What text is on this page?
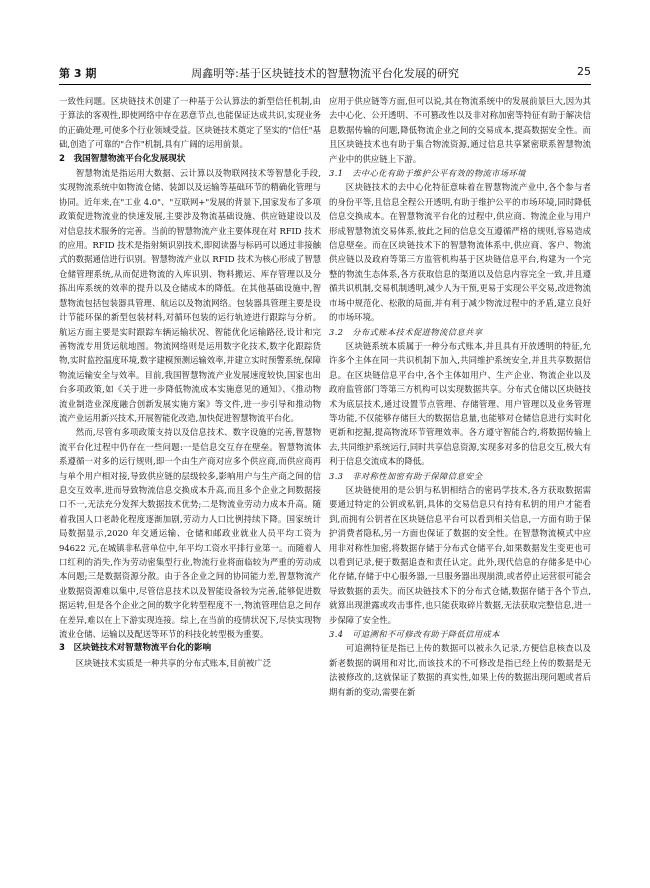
第 3 期	周鑫明等:基于区块链技术的智慧物流平台化发展的研究	25

一致性问题。区块链技术创建了一种基于公认算法的新型信任机制,由于算法的客观性,即使网络中存在恶意节点,也能保证达成共识,实现业务的正确处理,可使多个行业领域受益。区块链技术奠定了坚实的"信任"基础,创造了可靠的"合作"机制,具有广阔的运用前景。

2　我国智慧物流平台化发展现状

智慧物流是指运用大数据、云计算以及物联网技术等智慧化手段,实现物流系统中如物流仓储、装卸以及运输等基础环节的精确化管理与协同。近年来,在"工业 4.0"、"互联网+"发展的背景下,国家发布了多项政策促进物流业的快速发展,主要涉及物流基础设施、供应链建设以及对信息技术服务的完善。当前的智慧物流产业主要体现在对 RFID 技术的应用。RFID 技术是指射频识别技术,即阅读器与标码可以通过非接触式的数据通信进行识别。智慧物流产业以 RFID 技术为核心形成了智慧仓储管理系统,从而促进物流的入库识别、物料搬运、库存管理以及分拣出库系统的效率的提升以及仓储成本的降低。在其他基础设施中,智慧物流包括包装器具管理、航运以及物流网络。包装器具管理主要是设计节能环保的新型包装材料,对循环包装的运行轨迹进行跟踪与分析。航运方面主要是实时跟踪车辆运输状况、智能优化运输路径,设计和完善物流专用货运航地图。物流网络则是运用数字化技术,数字化跟踪货物,实时监控温度环境,数字建模预测运输效率,并建立实时预警系统,保障物流运输安全与效率。目前,我国智慧物流产业发展速度较快,国家也出台多项政策,如《关于进一步降低物流成本实施意见的通知》、《推动物流业制造业深度融合创新发展实施方案》等文件,进一步引导和推动物流产业运用新兴技术,开展智能化改造,加快促进智慧物流平台化。

然而,尽管有多项政策支持以及信息技术、数字设施的完善,智慧物流平台化过程中仍存在一些问题:一是信息交互存在壁垒。智慧物流体系遵循一对多的运行规则,即一个由生产商对应多个供应商,而供应商再与单个用户相对接,导致供应链的层级较多,影响用户与生产商之间的信息交互效率,进而导致物流信息交换成本升高,而且多个企业之间数据接口不一,无法充分发挥大数据技术优势;二是物流业劳动力成本升高。随着我国人口老龄化程度逐渐加剧,劳动力人口比例持续下降。国家统计局数据显示,2020 年交通运输、仓储和邮政业就业人员平均工资为 94622 元,在城镇非私营单位中,年平均工资水平排行业第一。而随着人口红利的消失,作为劳动密集型行业,物流行业将面临较为严重的劳动成本问题;三是数据资源分散。由于各企业之间的协同能力差,智慧物流产业数据资源难以集中,尽管信息技术以及智能设备较为完善,能够促进数据运转,但是各个企业之间的数字化转型程度不一,物流管理信息之间存在差异,难以在上下游实现连接。综上,在当前的疫情状况下,尽快实现物流业仓储、运输以及配送等环节的科技化转型极为重要。

3　区块链技术对智慧物流平台化的影响

区块链技术实质是一种共享的分布式账本,目前被广泛

应用于供应链等方面,但可以说,其在物流系统中的发展前景巨大,因为其去中心化、公开透明、不可篡改性以及非对称加密等特征有助于解决信息数据传输的问题,降低物流企业之间的交易成本,提高数据安全性。而且区块链技术也有助于集合物流资源,通过信息共享紧密联系智慧物流产业中的供应链上下游。

3.1　去中心化有助于维护公平有效的物流市场环境

区块链技术的去中心化特征意味着在智慧物流产业中,各个参与者的身份平等,且信息全程公开透明,有助于维护公平的市场环境,同时降低信息交换成本。在智慧物流平台化的过程中,供应商、物流企业与用户形成智慧物流交易体系,彼此之间的信息交互遵循严格的规则,容易造成信息壁垒。而在区块链技术下的智慧物流体系中,供应商、客户、物流供应链以及政府等第三方监管机构基于区块链信息平台,构建为一个完整的物流生态体系,各方获取信息的渠道以及信息内容完全一致,并且遵循共识机制,交易机制透明,减少人为干预,更易于实现公平交易,改进物流市场中规范化、松散的局面,并有利于减少物流过程中的矛盾,建立良好的市场环境。

3.2　分布式账本技术促进物流信息共享

区块链系统本质属于一种分布式账本,并且具有开放透明的特征,允许多个主体在同一共识机制下加入,共同维护系统安全,并且共享数据信息。在区块链信息平台中,各个主体如用户、生产企业、物流企业以及政府监管部门等第三方机构可以实现数据共享。分布式仓储以区块链技术为底层技术,通过设置节点管理、存储管理、用户管理以及业务管理等功能,不仅能够存储巨大的数据信息量,也能够对仓储信息进行实时化更新和挖掘,提高物流环节管理效率。各方遵守智能合约,将数据传输上去,共同维护系统运行,同时共享信息资源,实现多对多的信息交互,极大有利于信息交流成本的降低。

3.3　非对称性加密有助于保障信息安全

区块链使用的是公钥与私钥相结合的密码学技术,各方获取数据需要通过特定的公钥或私钥,具体的交易信息只有持有私钥的用户才能看到,而拥有公钥者在区块链信息平台可以看到相关信息,一方面有助于保护消费者隐私,另一方面也保证了数据的安全性。在智慧物流模式中应用非对称性加密,将数据存储于分布式仓储平台,如果数据发生变更也可以看到记录,便于数据追查和责任认定。此外,现代信息的存储多是中心化存储,存储于中心服务器,一旦服务器出现崩溃,或者停止运营很可能会导致数据的丢失。而区块链技术下的分布式仓储,数据存储于各个节点,就算出现泄露或攻击事件,也只能获取碎片数据,无法获取完整信息,进一步保障了安全性。

3.4　可追溯和不可修改有助于降低信用成本

可追溯特征是指已上传的数据可以被永久记录,方便信息核查以及新老数据的调用和对比,而该技术的不可修改是指已经上传的数据是无法被修改的,这就保证了数据的真实性,如果上传的数据出现问题或者后期有新的变动,需要在新
